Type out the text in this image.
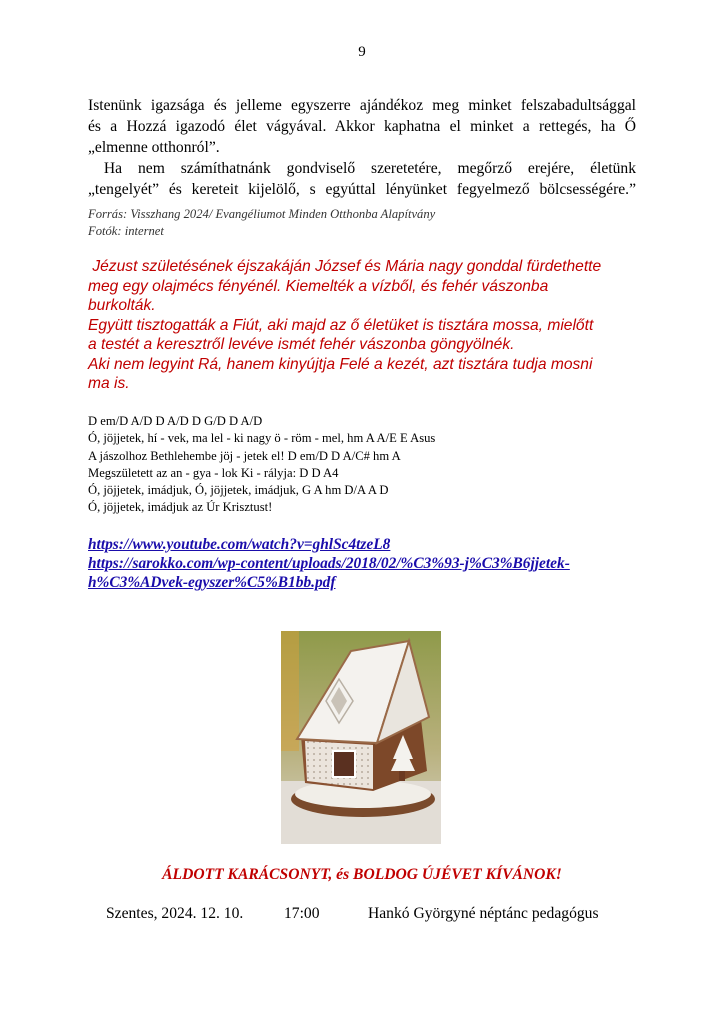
9
Istenünk igazsága és jelleme egyszerre ajándékoz meg minket felszabadultsággal
és a Hozzá igazodó élet vágyával. Akkor kaphatna el minket a rettegés, ha Ő
„elmenne otthonról”.
Ha nem számíthatnánk gondviselő szeretetére, megőrző erejére, életünk
„tengelyét” és kereteit kijelölő, s egyúttal lényünket fegyelmező bölcsességére.”
Forrás: Visszhang 2024/ Evangéliumot Minden Otthonba Alapítvány
Fotók: internet
Jézust születésének éjszakáján József és Mária nagy gonddal fürdethette
meg egy olajmécs fényénél. Kiemelték a vízből, és fehér vászonba
burkolták.
Együtt tisztogatták a Fiút, aki majd az ő életüket is tisztára mossa, mielőtt
a testét a keresztről levéve ismét fehér vászonba göngyölnék.
Aki nem legyint Rá, hanem kinyújtja Felé a kezét, azt tisztára tudja mosni
ma is.
D em/D A/D D A/D D G/D D A/D
Ó, jöjjetek, hí - vek, ma lel - ki nagy ö - röm - mel, hm A A/E E Asus
A jászolhoz Bethlehembe jöj - jetek el! D em/D D A/C# hm A
Megszületett az an - gya - lok Ki - rályja: D D A4
Ó, jöjjetek, imádjuk, Ó, jöjjetek, imádjuk, G A hm D/A A D
Ó, jöjjetek, imádjuk az Úr Krisztust!
https://www.youtube.com/watch?v=ghlSc4tzeL8
https://sarokko.com/wp-content/uploads/2018/02/%C3%93-j%C3%B6jjetek-
h%C3%ADvek-egyszer%C5%B1bb.pdf
ÁLDOTT KARÁCSONYT, és BOLDOG ÚJÉVET KÍVÁNOK!
Szentes, 2024. 12. 10.	17:00	Hankó Györgyné néptánc pedagógus
